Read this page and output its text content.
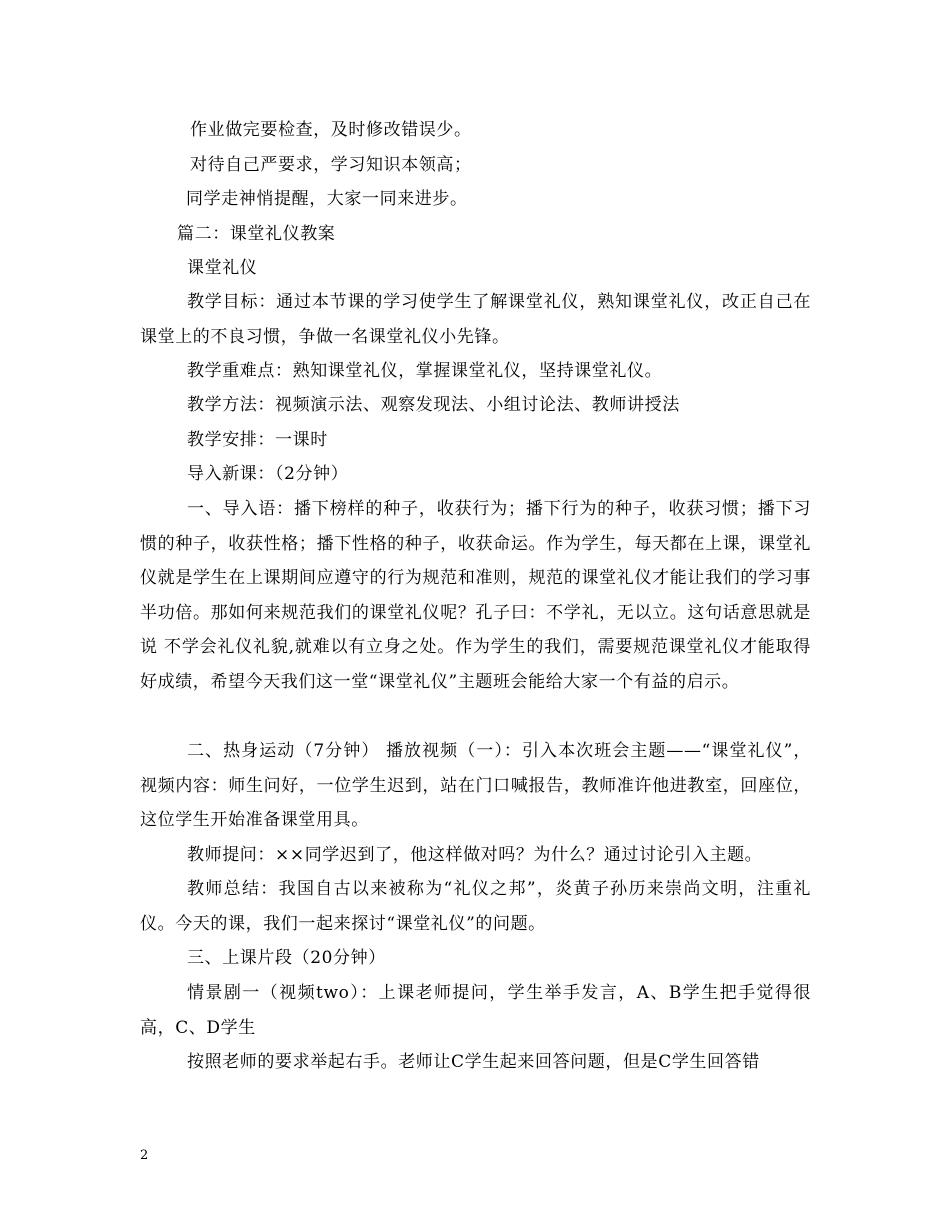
作业做完要检查，及时修改错误少。
对待自己严要求，学习知识本领高；
同学走神悄提醒，大家一同来进步。
篇二：课堂礼仪教案
课堂礼仪
教学目标：通过本节课的学习使学生了解课堂礼仪，熟知课堂礼仪，改正自己在课堂上的不良习惯，争做一名课堂礼仪小先锋。
教学重难点：熟知课堂礼仪，掌握课堂礼仪，坚持课堂礼仪。
教学方法：视频演示法、观察发现法、小组讨论法、教师讲授法
教学安排：一课时
导入新课：（2分钟）
一、导入语：播下榜样的种子，收获行为；播下行为的种子，收获习惯；播下习惯的种子，收获性格；播下性格的种子，收获命运。作为学生，每天都在上课，课堂礼仪就是学生在上课期间应遵守的行为规范和准则，规范的课堂礼仪才能让我们的学习事半功倍。那如何来规范我们的课堂礼仪呢？孔子曰：不学礼，无以立。这句话意思就是说 不学会礼仪礼貌,就难以有立身之处。作为学生的我们，需要规范课堂礼仪才能取得好成绩，希望今天我们这一堂“课堂礼仪”主题班会能给大家一个有益的启示。
二、热身运动（7分钟） 播放视频（一）：引入本次班会主题——“课堂礼仪”， 视频内容：师生问好，一位学生迟到，站在门口喊报告，教师准许他进教室，回座位，这位学生开始准备课堂用具。
教师提问：××同学迟到了，他这样做对吗？为什么？通过讨论引入主题。
教师总结：我国自古以来被称为“礼仪之邦”，炎黄子孙历来崇尚文明，注重礼仪。今天的课，我们一起来探讨“课堂礼仪”的问题。
三、上课片段（20分钟）
情景剧一（视频two）：上课老师提问，学生举手发言，A、B学生把手觉得很高，C、D学生
按照老师的要求举起右手。老师让C学生起来回答问题，但是C学生回答错
2
